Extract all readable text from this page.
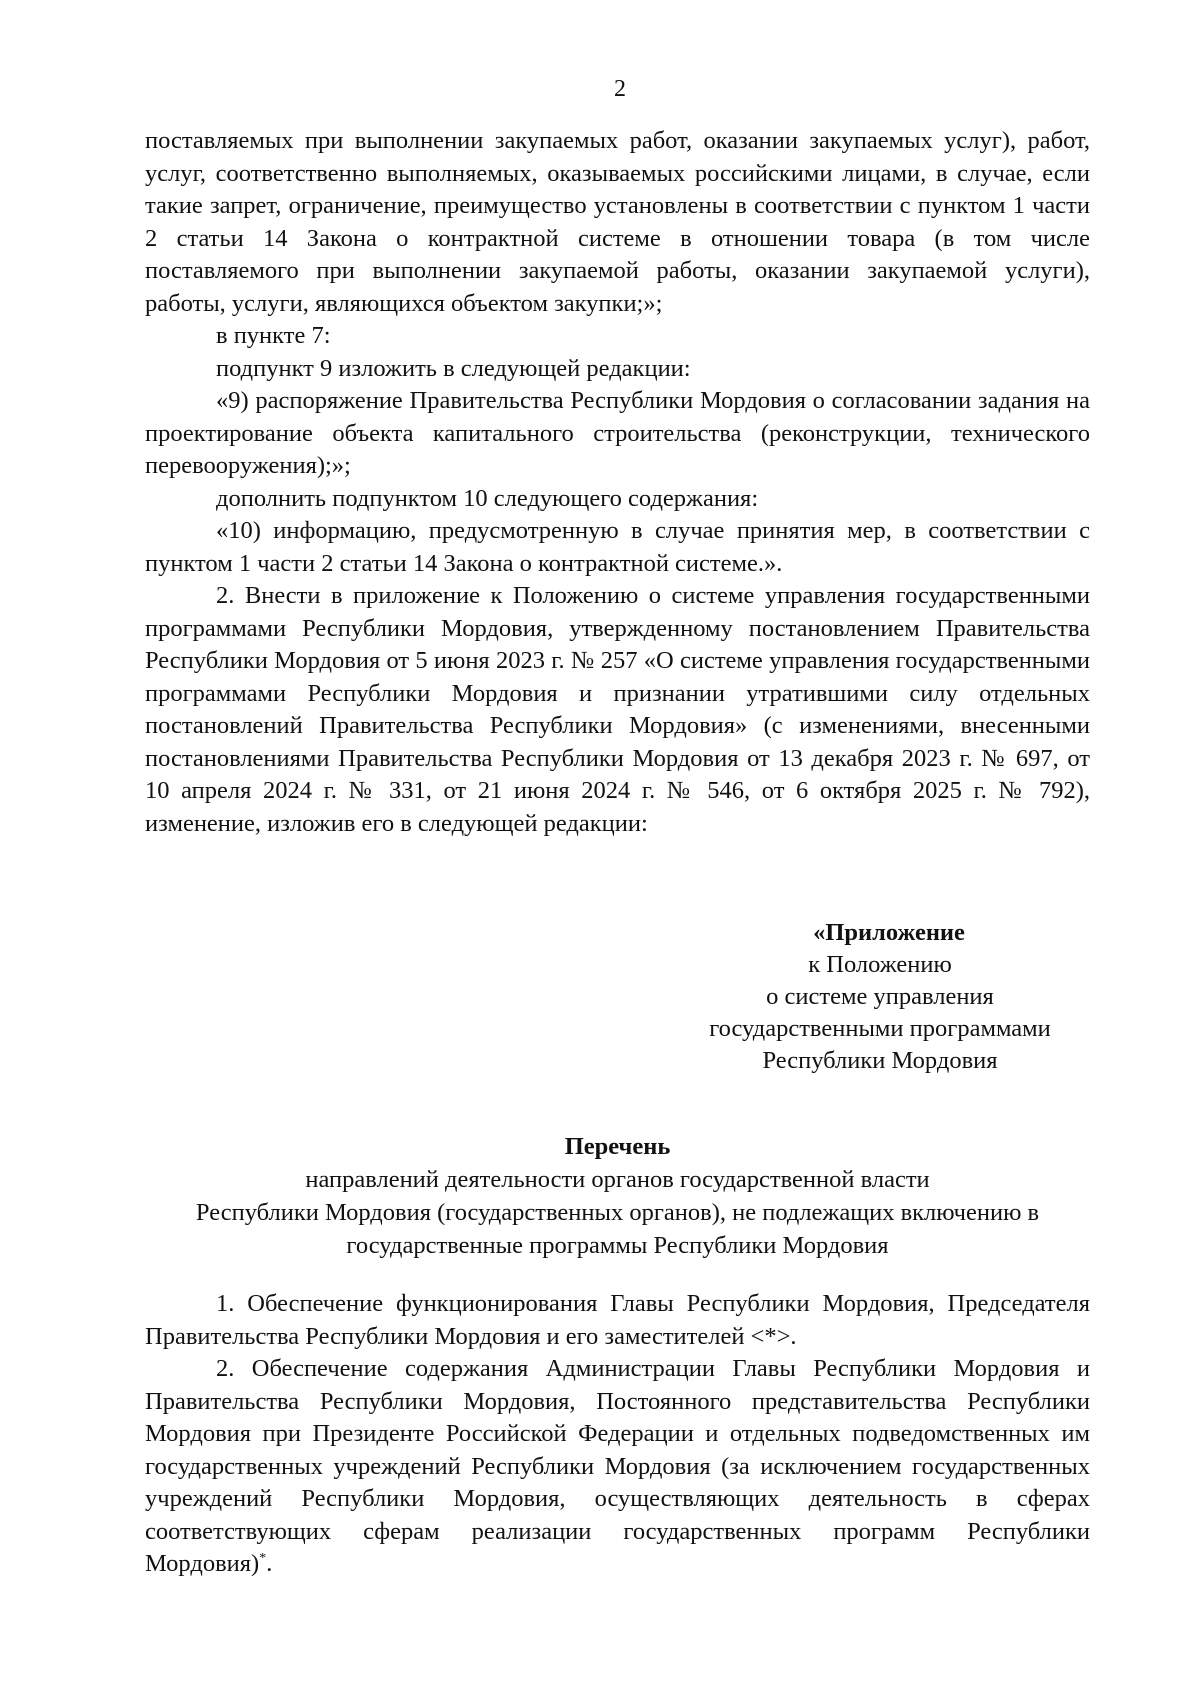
2

поставляемых при выполнении закупаемых работ, оказании закупаемых услуг), работ, услуг, соответственно выполняемых, оказываемых российскими лицами, в случае, если такие запрет, ограничение, преимущество установлены в соответствии с пунктом 1 части 2 статьи 14 Закона о контрактной системе в отношении товара (в том числе поставляемого при выполнении закупаемой работы, оказании закупаемой услуги), работы, услуги, являющихся объектом закупки;»;

в пункте 7:

подпункт 9 изложить в следующей редакции:

«9) распоряжение Правительства Республики Мордовия о согласовании задания на проектирование объекта капитального строительства (реконструкции, технического перевооружения);»;

дополнить подпунктом 10 следующего содержания:

«10) информацию, предусмотренную в случае принятия мер, в соответствии с пунктом 1 части 2 статьи 14 Закона о контрактной системе.».

2. Внести в приложение к Положению о системе управления государственными программами Республики Мордовия, утвержденному постановлением Правительства Республики Мордовия от 5 июня 2023 г. № 257 «О системе управления государственными программами Республики Мордовия и признании утратившими силу отдельных постановлений Правительства Республики Мордовия» (с изменениями, внесенными постановлениями Правительства Республики Мордовия от 13 декабря 2023 г. № 697, от 10 апреля 2024 г. № 331, от 21 июня 2024 г. № 546, от 6 октября 2025 г. № 792), изменение, изложив его в следующей редакции:

«Приложение
к Положению
о системе управления
государственными программами
Республики Мордовия
Перечень
направлений деятельности органов государственной власти
Республики Мордовия (государственных органов), не подлежащих включению в
государственные программы Республики Мордовия

1. Обеспечение функционирования Главы Республики Мордовия, Председателя Правительства Республики Мордовия и его заместителей <*>.

2. Обеспечение содержания Администрации Главы Республики Мордовия и Правительства Республики Мордовия, Постоянного представительства Республики Мордовия при Президенте Российской Федерации и отдельных подведомственных им государственных учреждений Республики Мордовия (за исключением государственных учреждений Республики Мордовия, осуществляющих деятельность в сферах соответствующих сферам реализации государственных программ Республики Мордовия)*.
